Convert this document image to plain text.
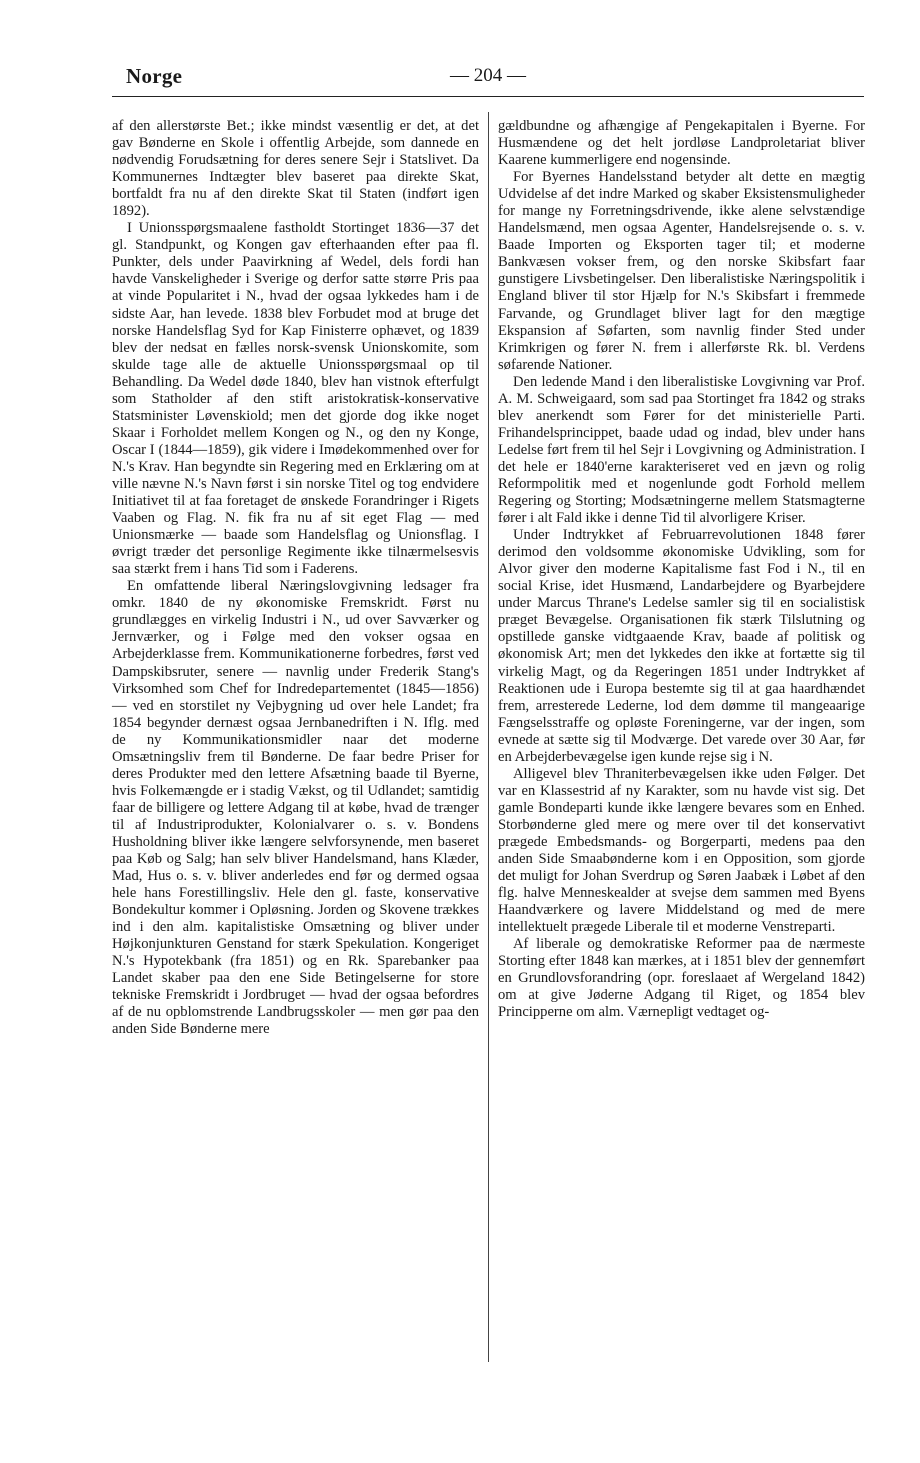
Norge	— 204 —

af den allerstørste Bet.; ikke mindst væsentlig er det, at det gav Bønderne en Skole i offentlig Arbejde, som dannede en nødvendig Forudsætning for deres senere Sejr i Statslivet. Da Kommunernes Indtægter blev baseret paa direkte Skat, bortfaldt fra nu af den direkte Skat til Staten (indført igen 1892).

I Unionsspørgsmaalene fastholdt Stortinget 1836—37 det gl. Standpunkt, og Kongen gav efterhaanden efter paa fl. Punkter, dels under Paavirkning af Wedel, dels fordi han havde Vanskeligheder i Sverige og derfor satte større Pris paa at vinde Popularitet i N., hvad der ogsaa lykkedes ham i de sidste Aar, han levede. 1838 blev Forbudet mod at bruge det norske Handelsflag Syd for Kap Finisterre ophævet, og 1839 blev der nedsat en fælles norsk-svensk Unionskomite, som skulde tage alle de aktuelle Unionsspørgsmaal op til Behandling. Da Wedel døde 1840, blev han vistnok efterfulgt som Statholder af den stift aristokratisk-konservative Statsminister Løvenskiold; men det gjorde dog ikke noget Skaar i Forholdet mellem Kongen og N., og den ny Konge, Oscar I (1844—1859), gik videre i Imødekommenhed over for N.'s Krav. Han begyndte sin Regering med en Erklæring om at ville nævne N.'s Navn først i sin norske Titel og tog endvidere Initiativet til at faa foretaget de ønskede Forandringer i Rigets Vaaben og Flag. N. fik fra nu af sit eget Flag — med Unionsmærke — baade som Handelsflag og Unionsflag. I øvrigt træder det personlige Regimente ikke tilnærmelsesvis saa stærkt frem i hans Tid som i Faderens.

En omfattende liberal Næringslovgivning ledsager fra omkr. 1840 de ny økonomiske Fremskridt. Først nu grundlægges en virkelig Industri i N., ud over Savværker og Jernværker, og i Følge med den vokser ogsaa en Arbejderklasse frem. Kommunikationerne forbedres, først ved Dampskibsruter, senere — navnlig under Frederik Stang's Virksomhed som Chef for Indredepartementet (1845—1856) — ved en storstilet ny Vejbygning ud over hele Landet; fra 1854 begynder dernæst ogsaa Jernbanedriften i N. Iflg. med de ny Kommunikationsmidler naar det moderne Omsætningsliv frem til Bønderne. De faar bedre Priser for deres Produkter med den lettere Afsætning baade til Byerne, hvis Folkemængde er i stadig Vækst, og til Udlandet; samtidig faar de billigere og lettere Adgang til at købe, hvad de trænger til af Industriprodukter, Kolonialvarer o. s. v. Bondens Husholdning bliver ikke længere selvforsynende, men baseret paa Køb og Salg; han selv bliver Handelsmand, hans Klæder, Mad, Hus o. s. v. bliver anderledes end før og dermed ogsaa hele hans Forestillingsliv. Hele den gl. faste, konservative Bondekultur kommer i Opløsning. Jorden og Skovene trækkes ind i den alm. kapitalistiske Omsætning og bliver under Højkonjunkturen Genstand for stærk Spekulation. Kongeriget N.'s Hypotekbank (fra 1851) og en Rk. Sparebanker paa Landet skaber paa den ene Side Betingelserne for store tekniske Fremskridt i Jordbruget — hvad der ogsaa befordres af de nu opblomstrende Landbrugsskoler — men gør paa den anden Side Bønderne mere

gældbundne og afhængige af Pengekapitalen i Byerne. For Husmændene og det helt jordløse Landproletariat bliver Kaarene kummerligere end nogensinde.

For Byernes Handelsstand betyder alt dette en mægtig Udvidelse af det indre Marked og skaber Eksistensmuligheder for mange ny Forretningsdrivende, ikke alene selvstændige Handelsmænd, men ogsaa Agenter, Handelsrejsende o. s. v. Baade Importen og Eksporten tager til; et moderne Bankvæsen vokser frem, og den norske Skibsfart faar gunstigere Livsbetingelser. Den liberalistiske Næringspolitik i England bliver til stor Hjælp for N.'s Skibsfart i fremmede Farvande, og Grundlaget bliver lagt for den mægtige Ekspansion af Søfarten, som navnlig finder Sted under Krimkrigen og fører N. frem i allerførste Rk. bl. Verdens søfarende Nationer.

Den ledende Mand i den liberalistiske Lovgivning var Prof. A. M. Schweigaard, som sad paa Stortinget fra 1842 og straks blev anerkendt som Fører for det ministerielle Parti. Frihandelsprincippet, baade udad og indad, blev under hans Ledelse ført frem til hel Sejr i Lovgivning og Administration. I det hele er 1840'erne karakteriseret ved en jævn og rolig Reformpolitik med et nogenlunde godt Forhold mellem Regering og Storting; Modsætningerne mellem Statsmagterne fører i alt Fald ikke i denne Tid til alvorligere Kriser.

Under Indtrykket af Februarrevolutionen 1848 fører derimod den voldsomme økonomiske Udvikling, som for Alvor giver den moderne Kapitalisme fast Fod i N., til en social Krise, idet Husmænd, Landarbejdere og Byarbejdere under Marcus Thrane's Ledelse samler sig til en socialistisk præget Bevægelse. Organisationen fik stærk Tilslutning og opstillede ganske vidtgaaende Krav, baade af politisk og økonomisk Art; men det lykkedes den ikke at fortætte sig til virkelig Magt, og da Regeringen 1851 under Indtrykket af Reaktionen ude i Europa bestemte sig til at gaa haardhændet frem, arresterede Lederne, lod dem dømme til mangeaarige Fængselsstraffe og opløste Foreningerne, var der ingen, som evnede at sætte sig til Modværge. Det varede over 30 Aar, før en Arbejderbevægelse igen kunde rejse sig i N.

Alligevel blev Thraniterbevægelsen ikke uden Følger. Det var en Klassestrid af ny Karakter, som nu havde vist sig. Det gamle Bondeparti kunde ikke længere bevares som en Enhed. Storbønderne gled mere og mere over til det konservativt prægede Embedsmands- og Borgerparti, medens paa den anden Side Smaabønderne kom i en Opposition, som gjorde det muligt for Johan Sverdrup og Søren Jaabæk i Løbet af den flg. halve Menneskealder at svejse dem sammen med Byens Haandværkere og lavere Middelstand og med de mere intellektuelt prægede Liberale til et moderne Venstreparti.

Af liberale og demokratiske Reformer paa de nærmeste Storting efter 1848 kan mærkes, at i 1851 blev der gennemført en Grundlovsforandring (opr. foreslaaet af Wergeland 1842) om at give Jøderne Adgang til Riget, og 1854 blev Principperne om alm. Værnepligt vedtaget og-
